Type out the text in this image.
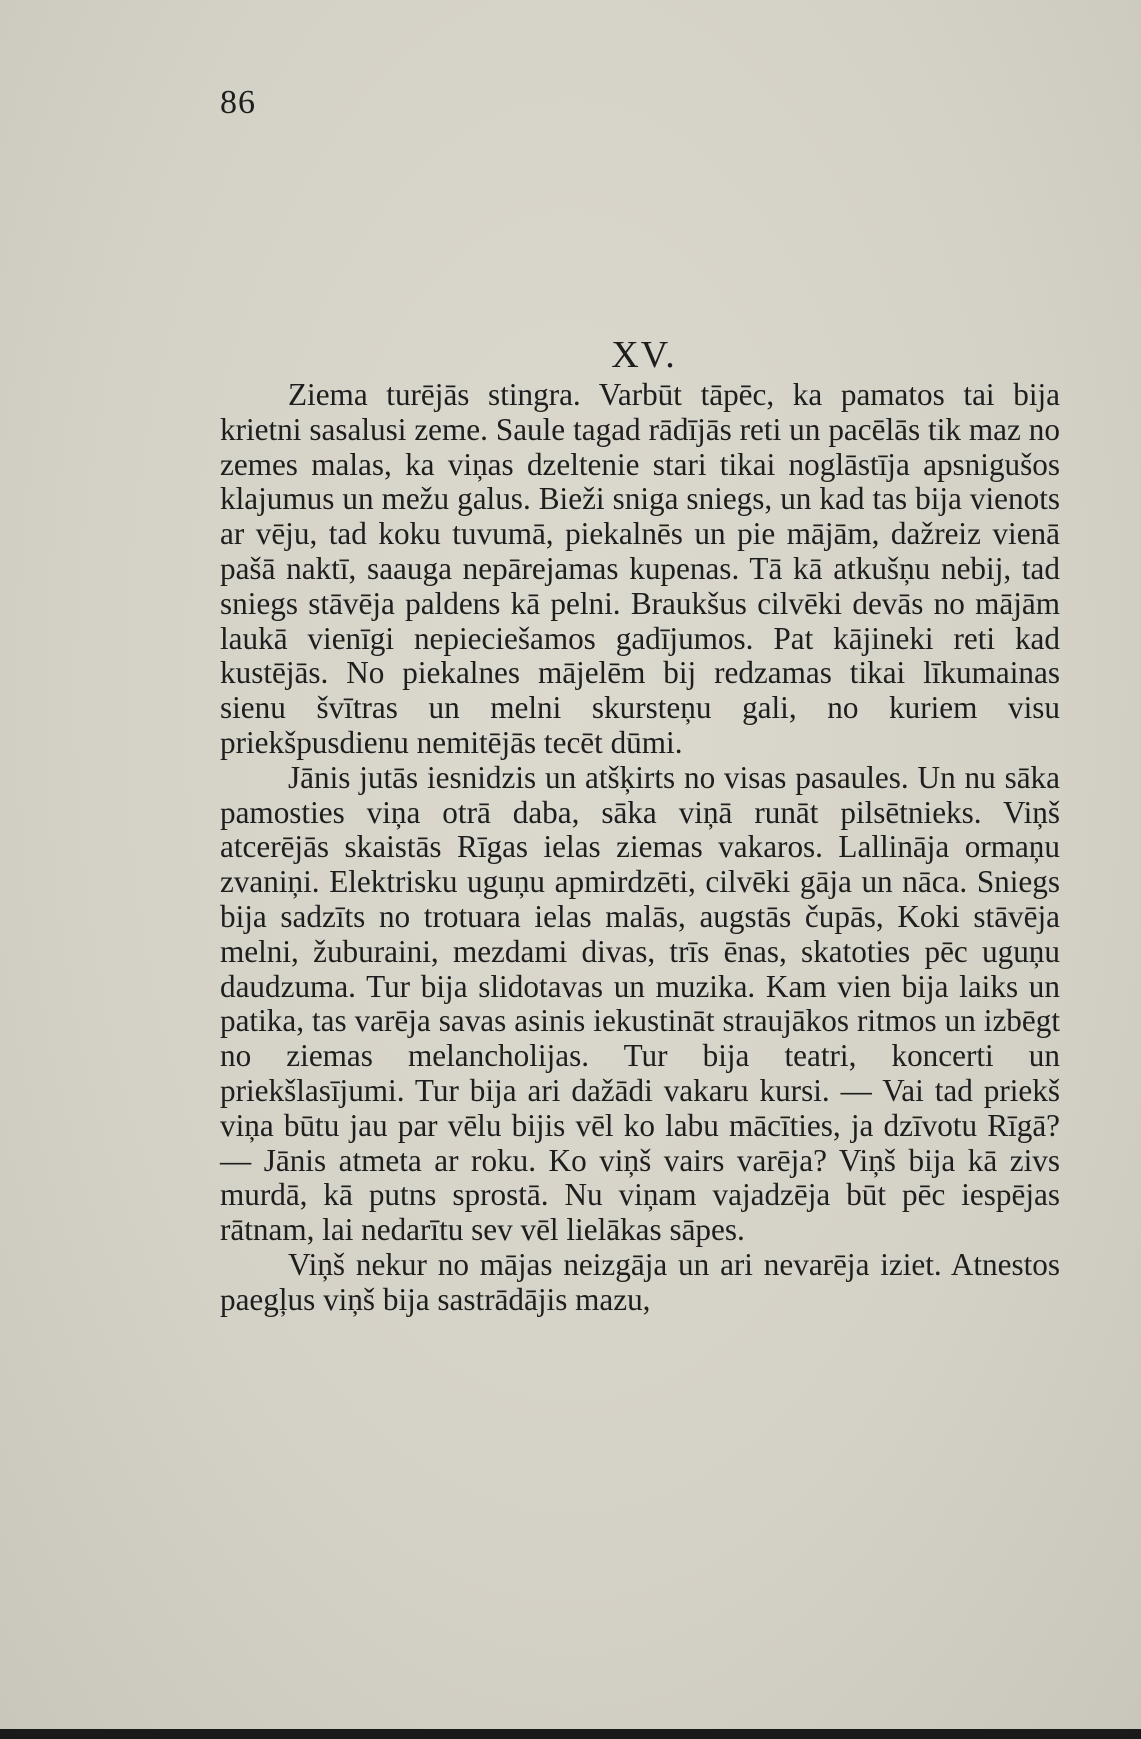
86
XV.

Ziema turējās stingra. Varbūt tāpēc, ka pamatos tai bija krietni sasalusi zeme. Saule tagad rādījās reti un pacēlās tik maz no zemes malas, ka viņas dzeltenie stari tikai noglāstīja apsnigušos klajumus un mežu galus. Bieži sniga sniegs, un kad tas bija vienots ar vēju, tad koku tuvumā, piekalnēs un pie mājām, dažreiz vienā pašā naktī, saauga nepārejamas kupenas. Tā kā atkušņu nebij, tad sniegs stāvēja paldens kā pelni. Braukšus cilvēki devās no mājām laukā vienīgi nepieciešamos gadījumos. Pat kājineki reti kad kustējās. No piekalnes mājelēm bij redzamas tikai līkumainas sienu švītras un melni skursteņu gali, no kuriem visu priekšpusdienu nemitējās tecēt dūmi.

Jānis jutās iesnidzis un atšķirts no visas pasaules. Un nu sāka pamosties viņa otrā daba, sāka viņā runāt pilsētnieks. Viņš atcerējās skaistās Rīgas ielas ziemas vakaros. Lallināja ormaņu zvaniņi. Elektrisku uguņu apmirdzēti, cilvēki gāja un nāca. Sniegs bija sadzīts no trotuara ielas malās, augstās čupās, Koki stāvēja melni, žuburaini, mezdami divas, trīs ēnas, skatoties pēc uguņu daudzuma. Tur bija slidotavas un muzika. Kam vien bija laiks un patika, tas varēja savas asinis iekustināt straujākos ritmos un izbēgt no ziemas melancholijas. Tur bija teatri, koncerti un priekšlasījumi. Tur bija ari dažādi vakaru kursi. — Vai tad priekš viņa būtu jau par vēlu bijis vēl ko labu mācīties, ja dzīvotu Rīgā? — Jānis atmeta ar roku. Ko viņš vairs varēja? Viņš bija kā zivs murdā, kā putns sprostā. Nu viņam vajadzēja būt pēc iespējas rātnam, lai nedarītu sev vēl lielākas sāpes.

Viņš nekur no mājas neizgāja un ari nevarēja iziet. Atnestos paegļus viņš bija sastrādājis mazu,
